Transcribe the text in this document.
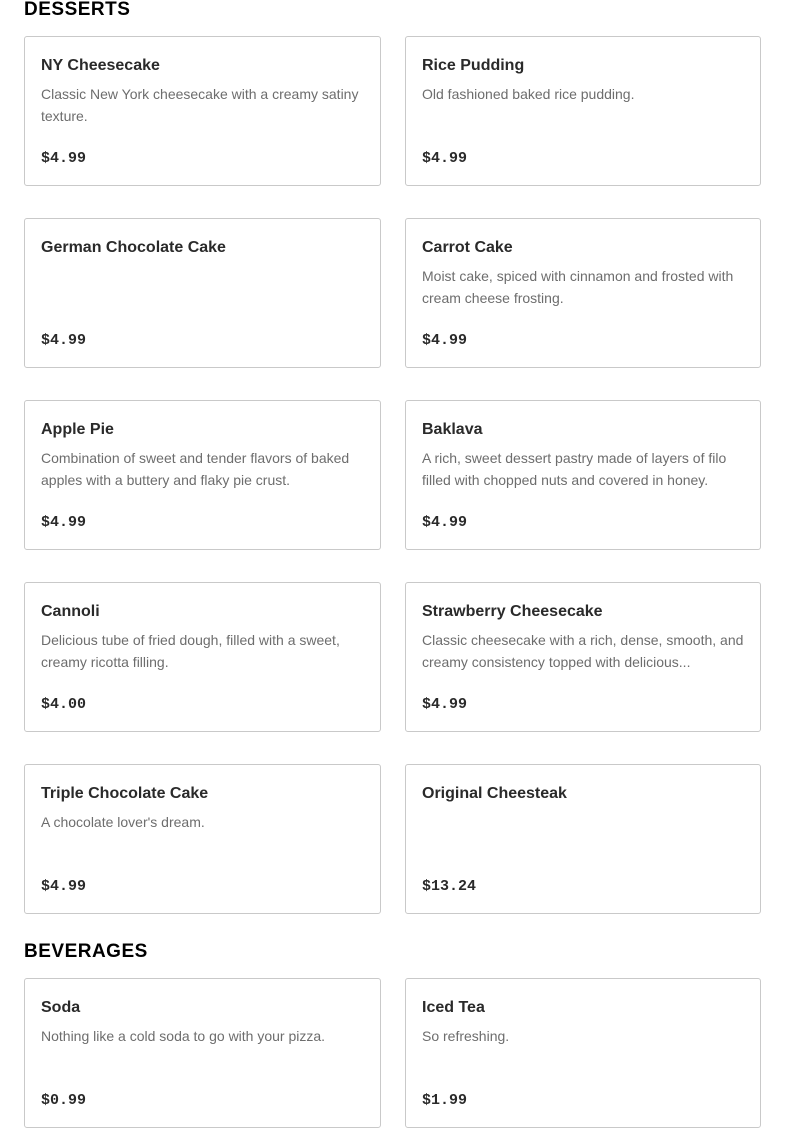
DESSERTS
NY Cheesecake
Classic New York cheesecake with a creamy satiny texture.
$4.99
Rice Pudding
Old fashioned baked rice pudding.
$4.99
German Chocolate Cake
$4.99
Carrot Cake
Moist cake, spiced with cinnamon and frosted with cream cheese frosting.
$4.99
Apple Pie
Combination of sweet and tender flavors of baked apples with a buttery and flaky pie crust.
$4.99
Baklava
A rich, sweet dessert pastry made of layers of filo filled with chopped nuts and covered in honey.
$4.99
Cannoli
Delicious tube of fried dough, filled with a sweet, creamy ricotta filling.
$4.00
Strawberry Cheesecake
Classic cheesecake with a rich, dense, smooth, and creamy consistency topped with delicious...
$4.99
Triple Chocolate Cake
A chocolate lover's dream.
$4.99
Original Cheesteak
$13.24
BEVERAGES
Soda
Nothing like a cold soda to go with your pizza.
$0.99
Iced Tea
So refreshing.
$1.99
